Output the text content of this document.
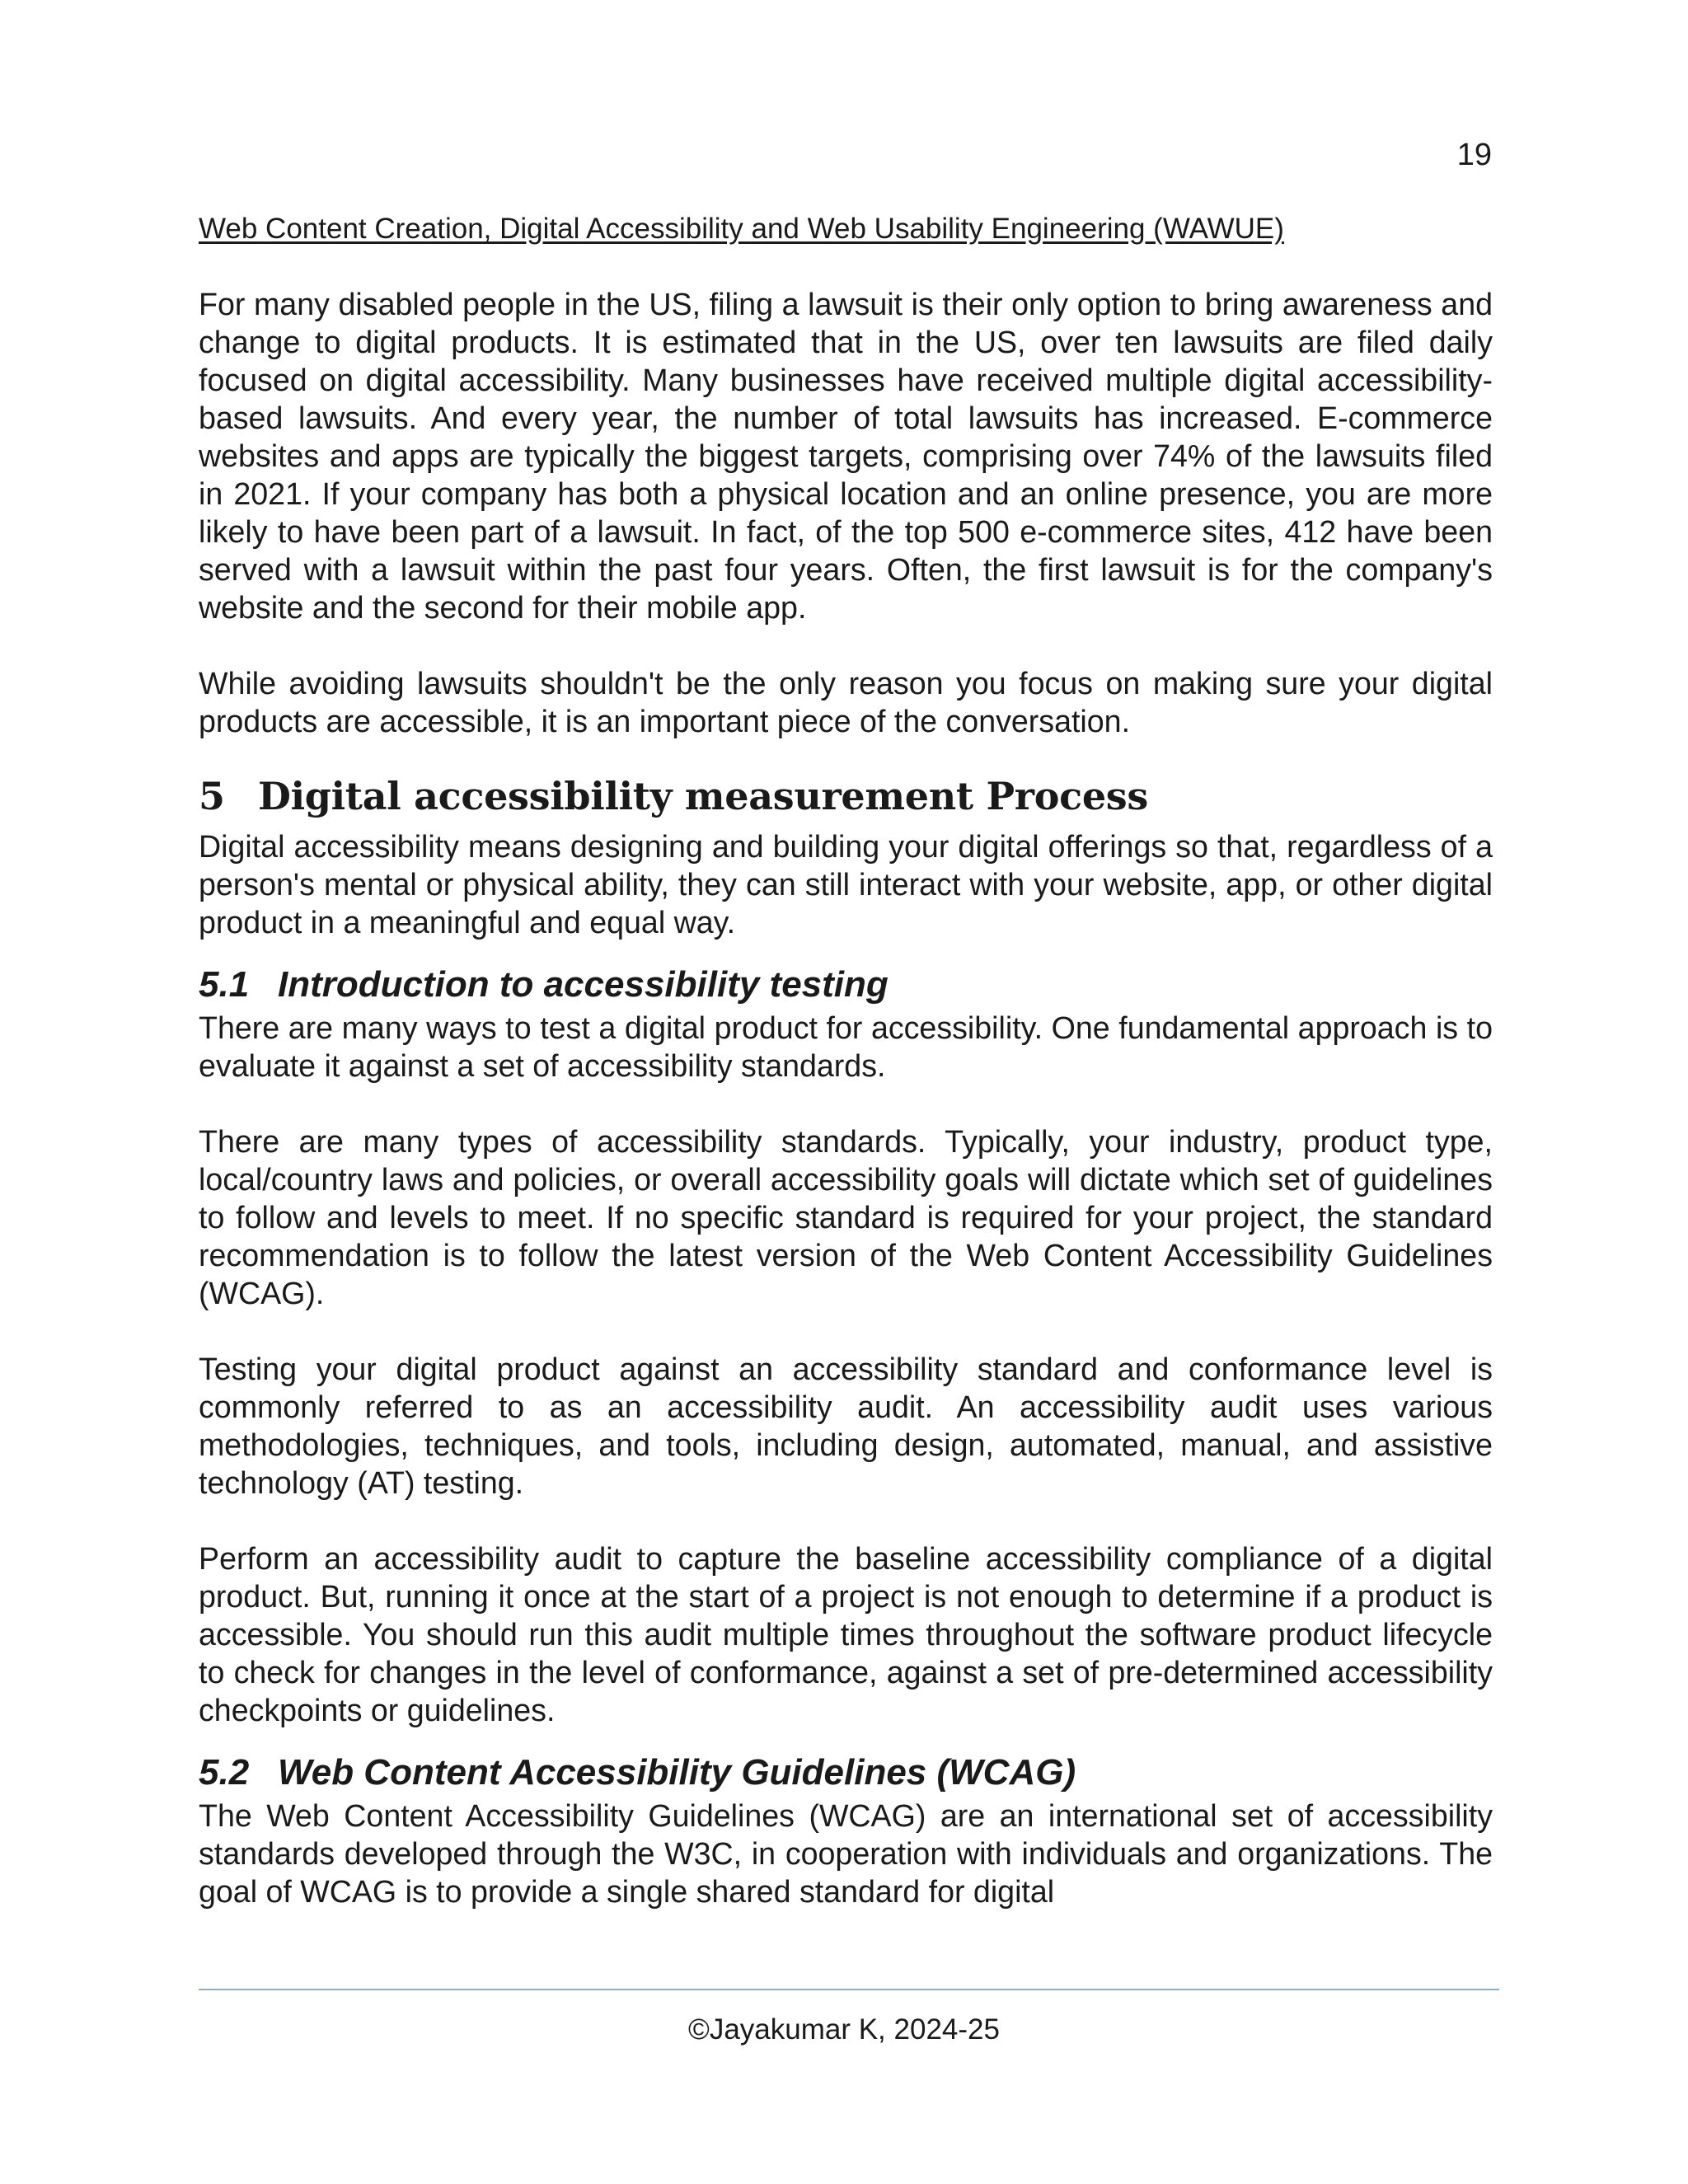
19
Web Content Creation, Digital Accessibility and Web Usability Engineering (WAWUE)

For many disabled people in the US, filing a lawsuit is their only option to bring awareness and change to digital products. It is estimated that in the US, over ten lawsuits are filed daily focused on digital accessibility. Many businesses have received multiple digital accessibility-based lawsuits. And every year, the number of total lawsuits has increased. E-commerce websites and apps are typically the biggest targets, comprising over 74% of the lawsuits filed in 2021. If your company has both a physical location and an online presence, you are more likely to have been part of a lawsuit. In fact, of the top 500 e-commerce sites, 412 have been served with a lawsuit within the past four years. Often, the first lawsuit is for the company's website and the second for their mobile app.

While avoiding lawsuits shouldn't be the only reason you focus on making sure your digital products are accessible, it is an important piece of the conversation.

5 Digital accessibility measurement Process

Digital accessibility means designing and building your digital offerings so that, regardless of a person's mental or physical ability, they can still interact with your website, app, or other digital product in a meaningful and equal way.

5.1 Introduction to accessibility testing

There are many ways to test a digital product for accessibility. One fundamental approach is to evaluate it against a set of accessibility standards.

There are many types of accessibility standards. Typically, your industry, product type, local/country laws and policies, or overall accessibility goals will dictate which set of guidelines to follow and levels to meet. If no specific standard is required for your project, the standard recommendation is to follow the latest version of the Web Content Accessibility Guidelines (WCAG).

Testing your digital product against an accessibility standard and conformance level is commonly referred to as an accessibility audit. An accessibility audit uses various methodologies, techniques, and tools, including design, automated, manual, and assistive technology (AT) testing.

Perform an accessibility audit to capture the baseline accessibility compliance of a digital product. But, running it once at the start of a project is not enough to determine if a product is accessible. You should run this audit multiple times throughout the software product lifecycle to check for changes in the level of conformance, against a set of pre-determined accessibility checkpoints or guidelines.

5.2 Web Content Accessibility Guidelines (WCAG)

The Web Content Accessibility Guidelines (WCAG) are an international set of accessibility standards developed through the W3C, in cooperation with individuals and organizations. The goal of WCAG is to provide a single shared standard for digital

©Jayakumar K, 2024-25
